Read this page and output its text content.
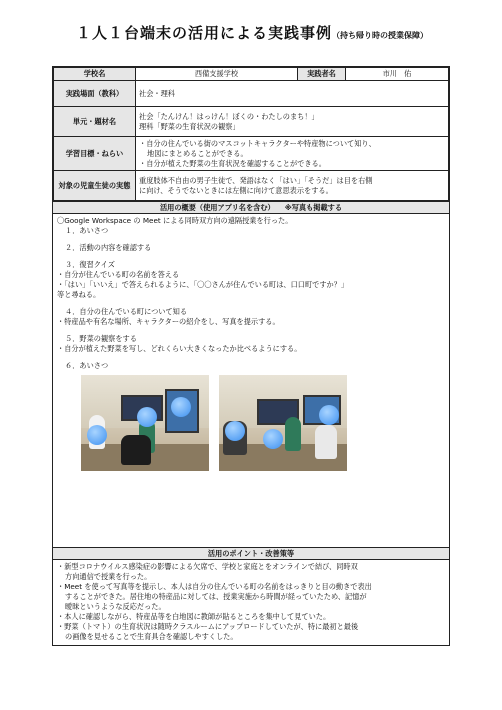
１人１台端末の活用による実践事例（持ち帰り時の授業保障）
学校名	西備支援学校	実践者名	市川　佑
実践場面（教科）	社会・理科		
単元・題材名	社会「たんけん！はっけん！ぼくの・わたしのまち！」
理科「野菜の生育状況の観察」		

学習目標・ねらい	・自分の住んでいる街のマスコットキャラクターや特産物について知り、
地図にまとめることができる。
・自分が植えた野菜の生育状況を確認することができる。		

対象の児童生徒の実態	重度肢体不自由の男子生徒で、発語はなく「はい」「そうだ」は目を右側
に向け、そうでないときには左側に向けて意思表示をする。		
活用の概要（使用アプリ名を含む） ※写真も掲載する

〇Google Workspace の Meet による同時双方向の遠隔授業を行った。

１．あいさつ

２．活動の内容を確認する

３．復習クイズ

・自分が住んでいる町の名前を答える

・「はい」「いいえ」で答えられるように、「〇〇さんが住んでいる町は、口口町ですか？」

等と尋ねる。

４．自分の住んでいる町について知る

・特産品や有名な場所、キャラクターの紹介をし、写真を提示する。

５．野菜の観察をする

・自分が植えた野菜を写し、どれくらい大きくなったか比べるようにする。

６．あいさつ

活用のポイント・改善策等

・新型コロナウイルス感染症の影響による欠席で、学校と家庭とをオンラインで結び、同時双

方向通信で授業を行った。

・Meet を使って写真等を提示し、本人は自分の住んでいる町の名前をはっきりと目の動きで表出

することができた。居住地の特産品に対しては、授業実施から時間が経っていたため、記憶が

曖昧というような反応だった。

・本人に確認しながら、特産品等を白地図に教師が貼るところを集中して見ていた。

・野菜（トマト）の生育状況は随時クラスルームにアップロードしていたが、特に最初と最後

の画像を見せることで生育具合を確認しやすくした。
